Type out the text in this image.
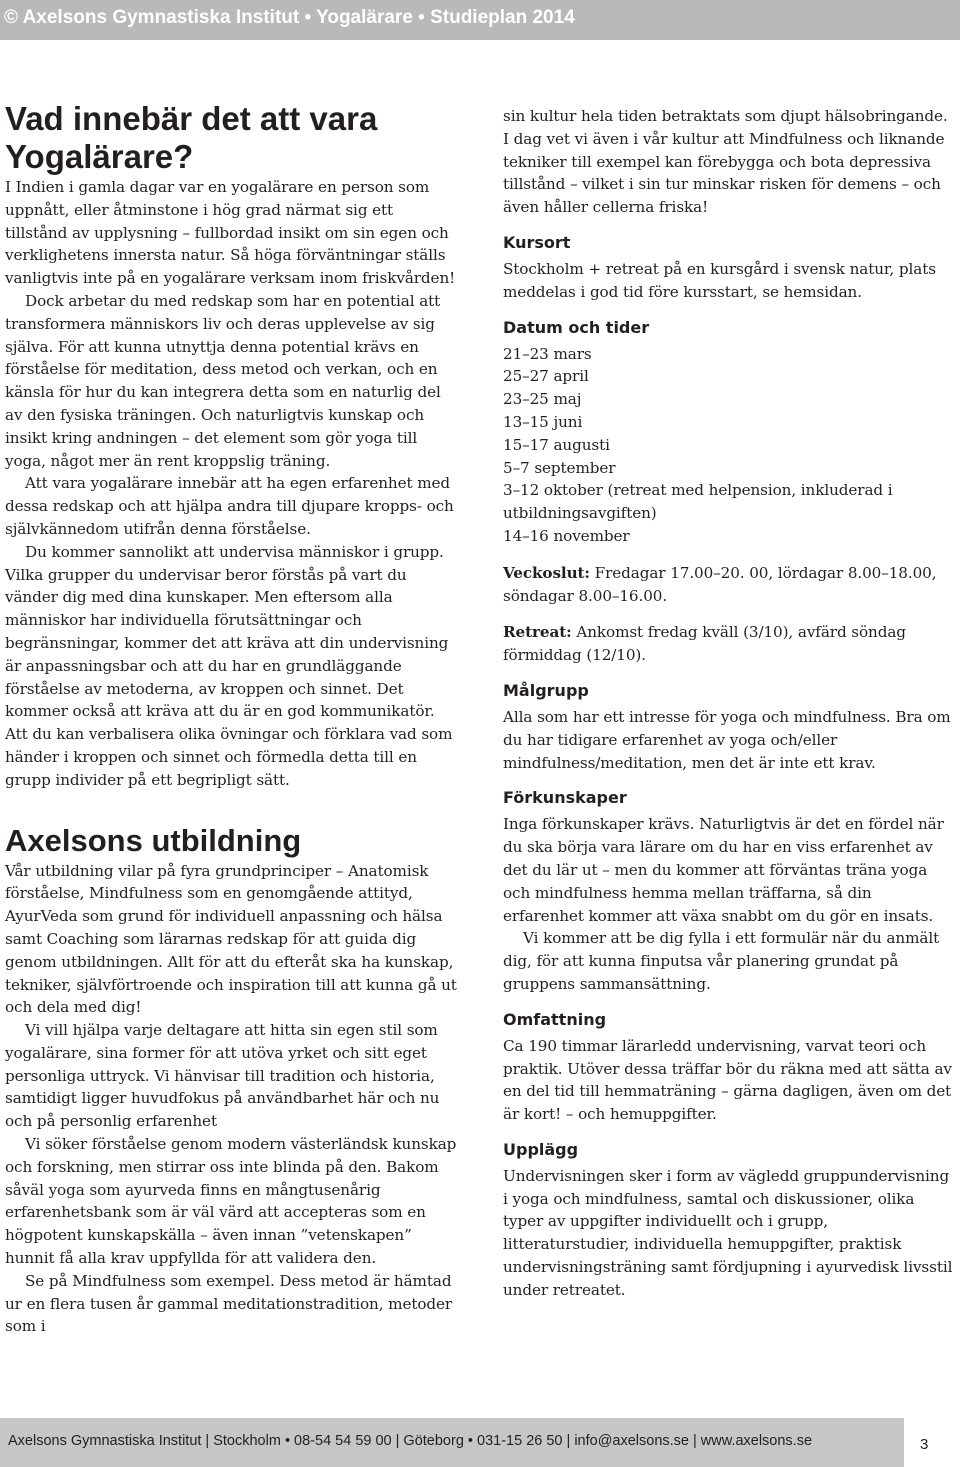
© Axelsons Gymnastiska Institut • Yogalärare • Studieplan 2014
Vad innebär det att vara Yogalärare?

I Indien i gamla dagar var en yogalärare en person som uppnått, eller åtminstone i hög grad närmat sig ett tillstånd av upplysning – fullbordad insikt om sin egen och verklighetens innersta natur. Så höga förväntningar ställs vanligtvis inte på en yogalärare verksam inom friskvården!

Dock arbetar du med redskap som har en potential att transformera människors liv och deras upplevelse av sig själva. För att kunna utnyttja denna potential krävs en förståelse för meditation, dess metod och verkan, och en känsla för hur du kan integrera detta som en naturlig del av den fysiska träningen. Och naturligtvis kunskap och insikt kring andningen – det element som gör yoga till yoga, något mer än rent kroppslig träning.

Att vara yogalärare innebär att ha egen erfarenhet med dessa redskap och att hjälpa andra till djupare kropps- och självkännedom utifrån denna förståelse.

Du kommer sannolikt att undervisa människor i grupp. Vilka grupper du undervisar beror förstås på vart du vänder dig med dina kunskaper. Men eftersom alla människor har individuella förutsättningar och begränsningar, kommer det att kräva att din undervisning är anpassningsbar och att du har en grundläggande förståelse av metoderna, av kroppen och sinnet. Det kommer också att kräva att du är en god kommunikatör. Att du kan verbalisera olika övningar och förklara vad som händer i kroppen och sinnet och förmedla detta till en grupp individer på ett begripligt sätt.

Axelsons utbildning

Vår utbildning vilar på fyra grundprinciper – Anatomisk förståelse, Mindfulness som en genomgående attityd, AyurVeda som grund för individuell anpassning och hälsa samt Coaching som lärarnas redskap för att guida dig genom utbildningen. Allt för att du efteråt ska ha kunskap, tekniker, självförtroende och inspiration till att kunna gå ut och dela med dig!

Vi vill hjälpa varje deltagare att hitta sin egen stil som yogalärare, sina former för att utöva yrket och sitt eget personliga uttryck. Vi hänvisar till tradition och historia, samtidigt ligger huvudfokus på användbarhet här och nu och på personlig erfarenhet

Vi söker förståelse genom modern västerländsk kunskap och forskning, men stirrar oss inte blinda på den. Bakom såväl yoga som ayurveda finns en mångtusenårig erfarenhetsbank som är väl värd att accepteras som en högpotent kunskapskälla – även innan ”vetenskapen” hunnit få alla krav uppfyllda för att validera den.

Se på Mindfulness som exempel. Dess metod är hämtad ur en flera tusen år gammal meditationstradition, metoder som i

sin kultur hela tiden betraktats som djupt hälsobringande. I dag vet vi även i vår kultur att Mindfulness och liknande tekniker till exempel kan förebygga och bota depressiva tillstånd – vilket i sin tur minskar risken för demens – och även håller cellerna friska!

Kursort

Stockholm + retreat på en kursgård i svensk natur, plats meddelas i god tid före kursstart, se hemsidan.

Datum och tider

21–23 mars

25–27 april

23–25 maj

13–15 juni

15–17 augusti

5–7 september

3–12 oktober (retreat med helpension, inkluderad i utbildningsavgiften)

14–16 november

Veckoslut: Fredagar 17.00–20. 00, lördagar 8.00–18.00, söndagar 8.00–16.00.

Retreat: Ankomst fredag kväll (3/10), avfärd söndag förmiddag (12/10).

Målgrupp

Alla som har ett intresse för yoga och mindfulness. Bra om du har tidigare erfarenhet av yoga och/eller mindfulness/meditation, men det är inte ett krav.

Förkunskaper

Inga förkunskaper krävs. Naturligtvis är det en fördel när du ska börja vara lärare om du har en viss erfarenhet av det du lär ut – men du kommer att förväntas träna yoga och mindfulness hemma mellan träffarna, så din erfarenhet kommer att växa snabbt om du gör en insats.

Vi kommer att be dig fylla i ett formulär när du anmält dig, för att kunna finputsa vår planering grundat på gruppens sammansättning.

Omfattning

Ca 190 timmar lärarledd undervisning, varvat teori och praktik. Utöver dessa träffar bör du räkna med att sätta av en del tid till hemmaträning – gärna dagligen, även om det är kort! – och hemuppgifter.

Upplägg

Undervisningen sker i form av vägledd gruppundervisning i yoga och mindfulness, samtal och diskussioner, olika typer av uppgifter individuellt och i grupp, litteraturstudier, individuella hemuppgifter, praktisk undervisningsträning samt fördjupning i ayurvedisk livsstil under retreatet.

Axelsons Gymnastiska Institut | Stockholm • 08-54 54 59 00 | Göteborg • 031-15 26 50 | info@axelsons.se | www.axelsons.se	3
